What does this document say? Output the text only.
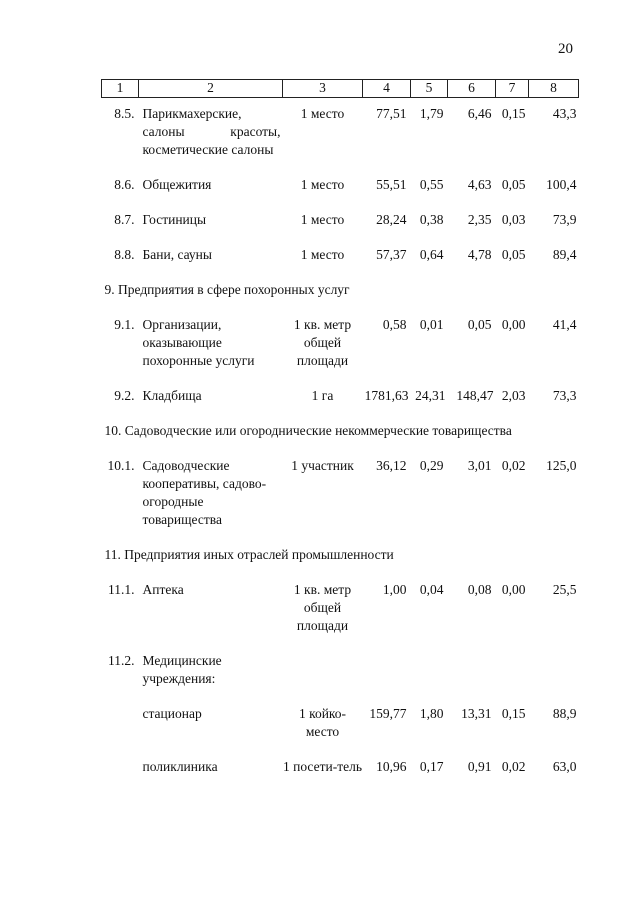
20
1	2	3	4	5	6	7	8

8.5.	Парикмахерские, салоны красоты, косметические салоны	1 место	77,51	1,79	6,46	0,15	43,3

8.6.	Общежития	1 место	55,51	0,55	4,63	0,05	100,4

8.7.	Гостиницы	1 место	28,24	0,38	2,35	0,03	73,9

8.8.	Бани, сауны	1 место	57,37	0,64	4,78	0,05	89,4

9. Предприятия в сфере похоронных услуг							

9.1.	Организации, оказывающие похоронные услуги	1 кв. метр общей площади	0,58	0,01	0,05	0,00	41,4

9.2.	Кладбища	1 га	1781,63	24,31	148,47	2,03	73,3

10. Садоводческие или огороднические некоммерческие товарищества							

10.1.	Садоводческие кооперативы, садово-огородные товарищества	1 участник	36,12	0,29	3,01	0,02	125,0

11. Предприятия иных отраслей промышленности							

11.1.	Аптека	1 кв. метр общей площади	1,00	0,04	0,08	0,00	25,5

11.2.	Медицинские учреждения:						

	стационар	1 койко-место	159,77	1,80	13,31	0,15	88,9

	поликлиника	1 посети-тель	10,96	0,17	0,91	0,02	63,0
